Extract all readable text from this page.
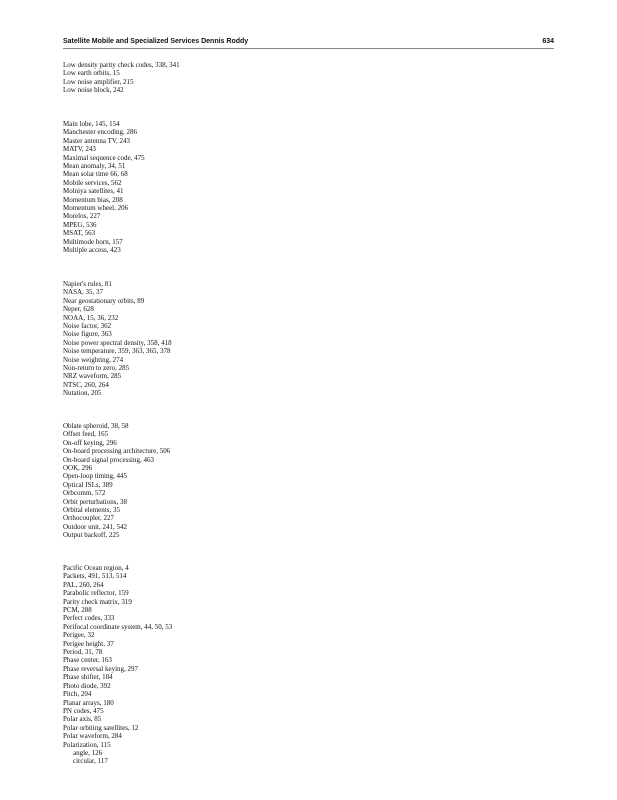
Satellite Mobile and Specialized Services Dennis Roddy	634
Low density parity check codes, 338, 341
Low earth orbits, 15
Low noise amplifier, 215
Low noise block, 242
Main lobe, 145, 154
Manchester encoding, 286
Master antenna TV, 243
MATV, 243
Maximal sequence code, 475
Mean anomaly, 34, 51
Mean solar time 66, 68
Mobile services, 562
Molniya satellites, 41
Momentum bias, 208
Momentum wheel, 206
Morelos, 227
MPEG, 536
MSAT, 563
Multimode horn, 157
Multiple access, 423
Napier's rules, 81
NASA, 35, 37
Near geostationary orbits, 89
Neper, 628
NOAA, 15, 36, 232
Noise factor, 362
Noise figure, 363
Noise power spectral density, 358, 418
Noise temperature, 359, 363, 365, 378
Noise weighting, 274
Non-return to zero, 285
NRZ waveform, 285
NTSC, 260, 264
Nutation, 205
Oblate spheroid, 38, 58
Offset feed, 165
On-off keying, 296
On-board processing architecture, 506
On-board signal processing, 463
OOK, 296
Open-loop timing, 445
Optical ISLs, 389
Orbcomm, 572
Orbit perturbations, 38
Orbital elements, 35
Orthocoupler, 227
Outdoor unit, 241, 542
Output backoff, 225
Pacific Ocean region, 4
Packets, 491, 513, 514
PAL, 260, 264
Parabolic reflector, 159
Parity check matrix, 319
PCM, 288
Perfect codes, 333
Perifocal coordinate system, 44, 50, 53
Perigee, 32
Perigee height, 37
Period, 31, 78
Phase center, 163
Phase reversal keying, 297
Phase shifter, 184
Photo diode, 392
Pitch, 204
Planar arrays, 180
PN codes, 475
Polar axis, 85
Polar orbiting satellites, 12
Polar waveform, 284
Polarization, 115
angle, 126
circular, 117
